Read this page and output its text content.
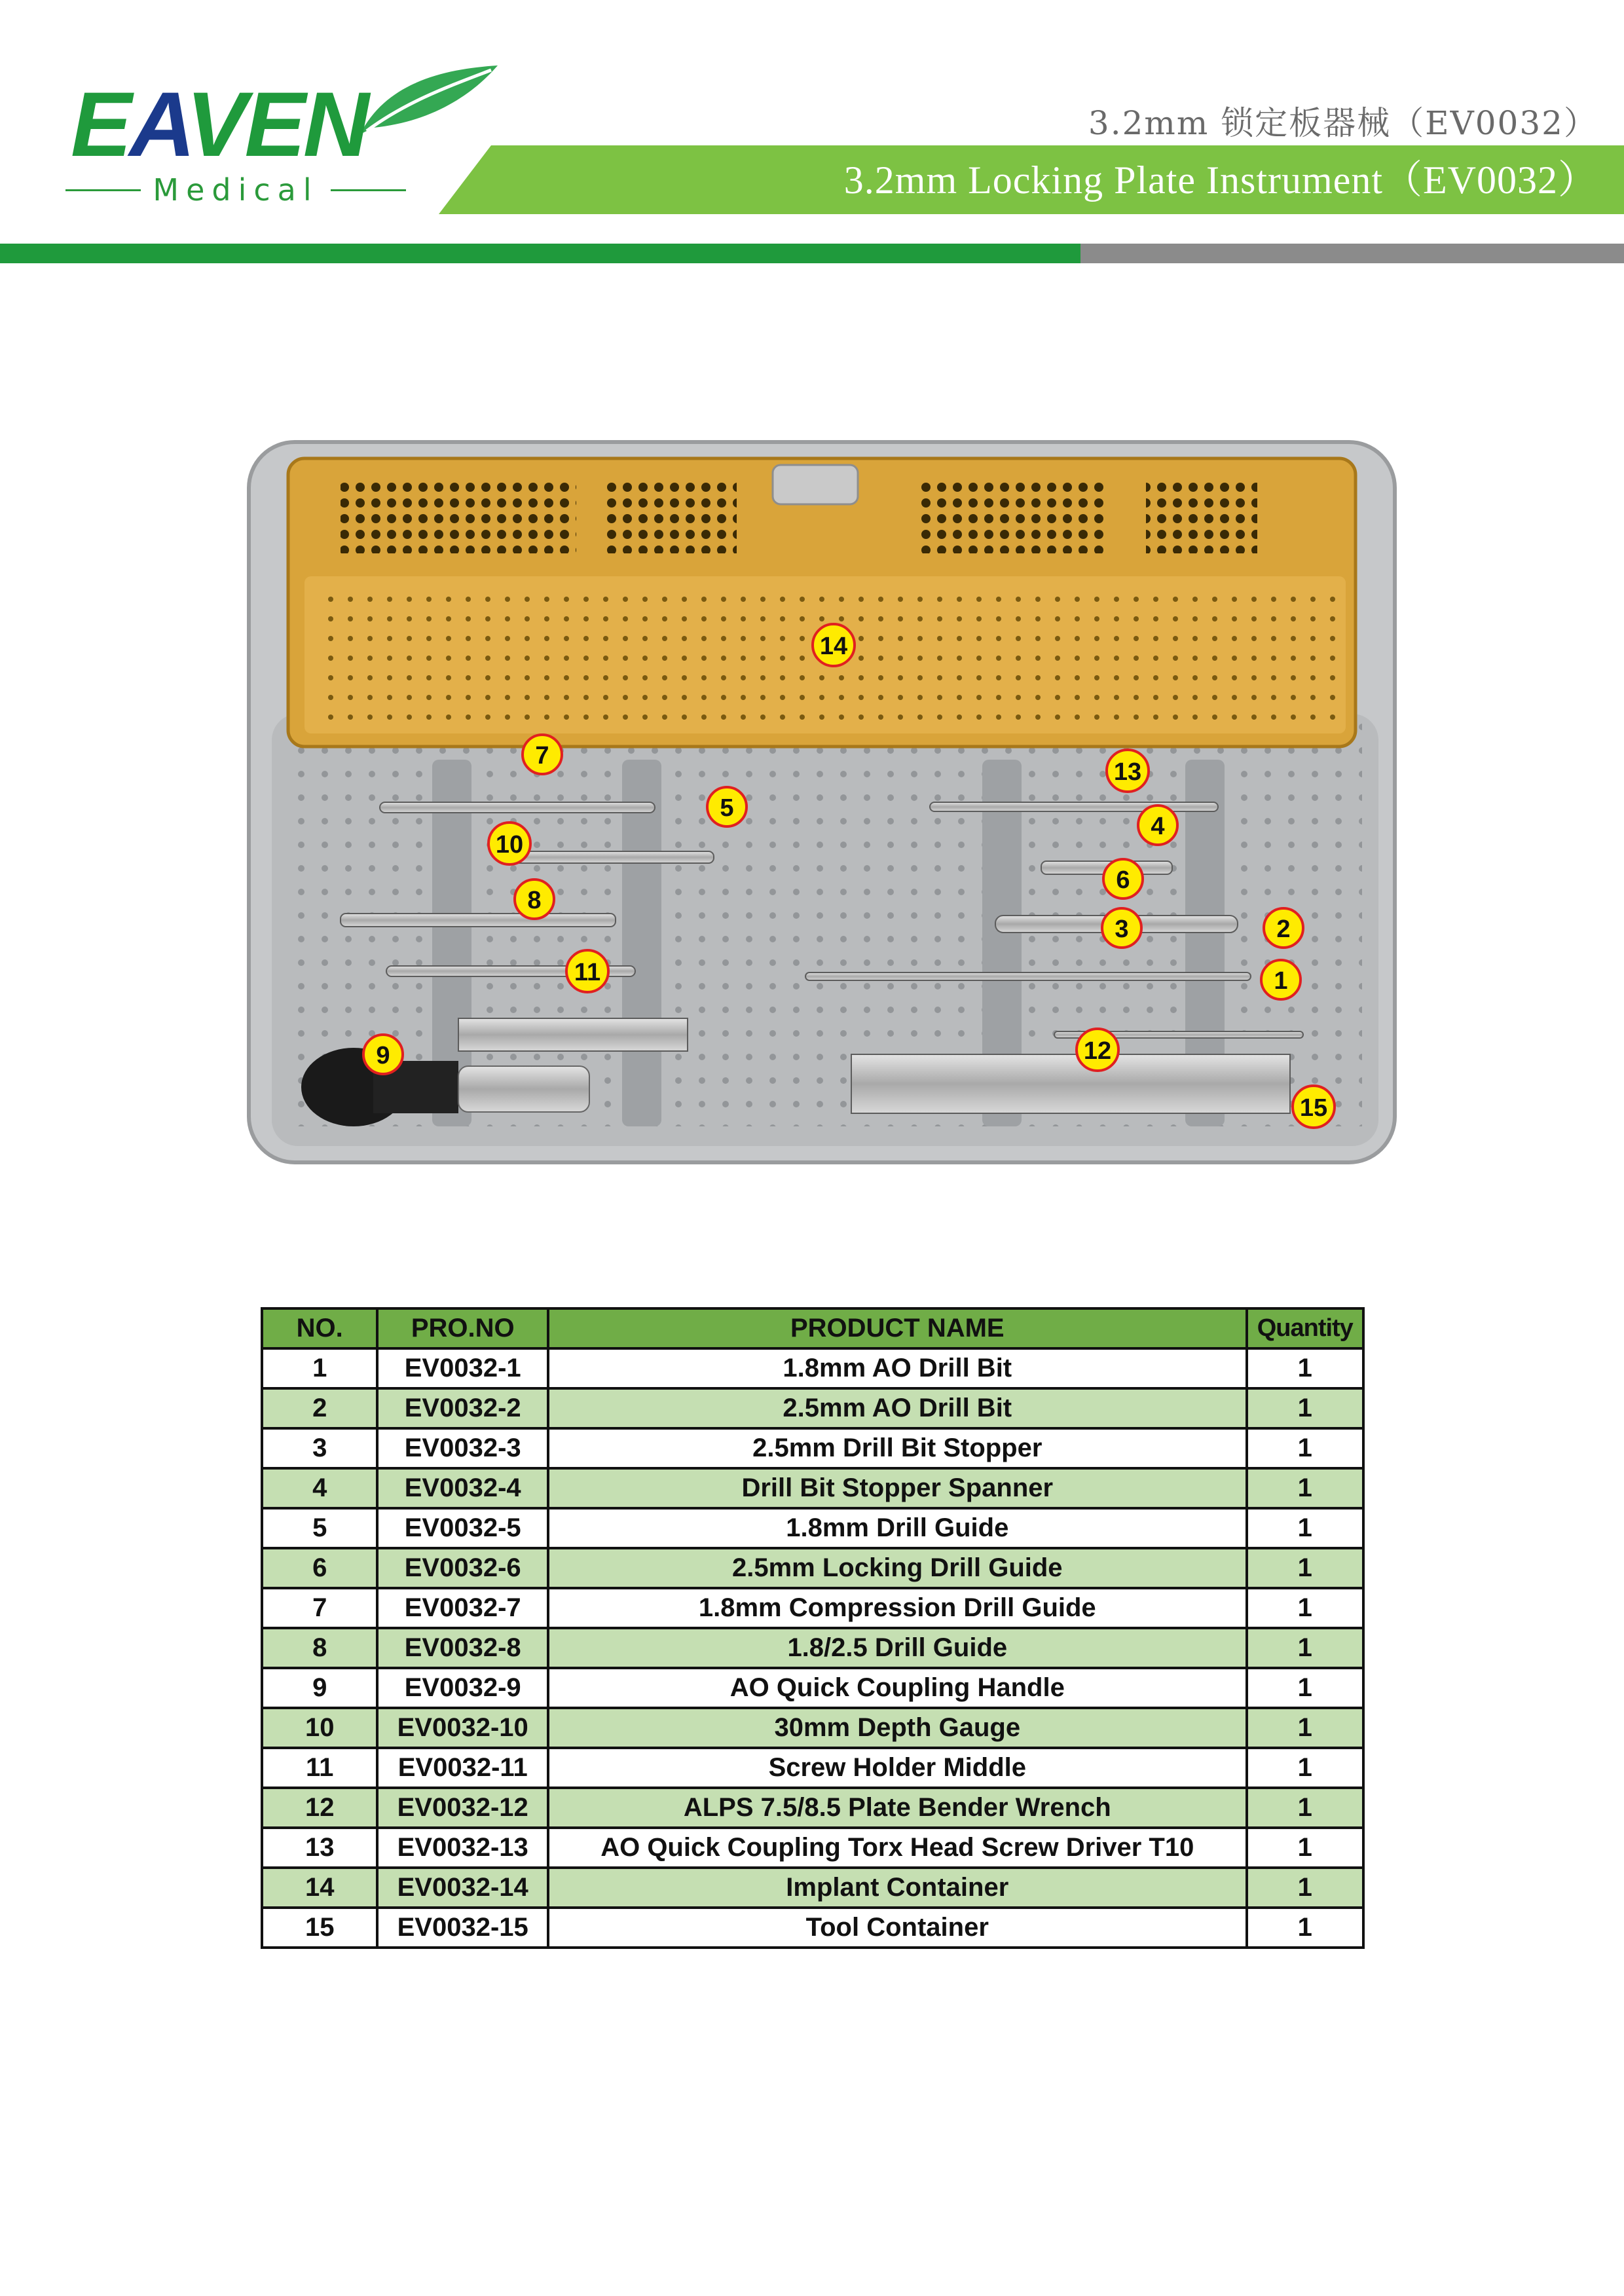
EAVEN
Medical
3.2mm 锁定板器械（EV0032）
3.2mm Locking Plate Instrument（EV0032）
1
2
3
4
5
6
7
8
9
10
11
12
13
14
15
NO.	PRO.NO	PRODUCT NAME	Quantity
1	EV0032-1	1.8mm AO Drill Bit	1
2	EV0032-2	2.5mm AO Drill Bit	1
3	EV0032-3	2.5mm Drill Bit Stopper	1
4	EV0032-4	Drill Bit Stopper Spanner	1
5	EV0032-5	1.8mm Drill Guide	1
6	EV0032-6	2.5mm Locking Drill Guide	1
7	EV0032-7	1.8mm Compression Drill Guide	1
8	EV0032-8	1.8/2.5 Drill Guide	1
9	EV0032-9	AO Quick Coupling Handle	1
10	EV0032-10	30mm Depth Gauge	1
11	EV0032-11	Screw Holder Middle	1
12	EV0032-12	ALPS 7.5/8.5 Plate Bender Wrench	1
13	EV0032-13	AO Quick Coupling Torx Head Screw Driver T10	1
14	EV0032-14	Implant Container	1
15	EV0032-15	Tool Container	1
